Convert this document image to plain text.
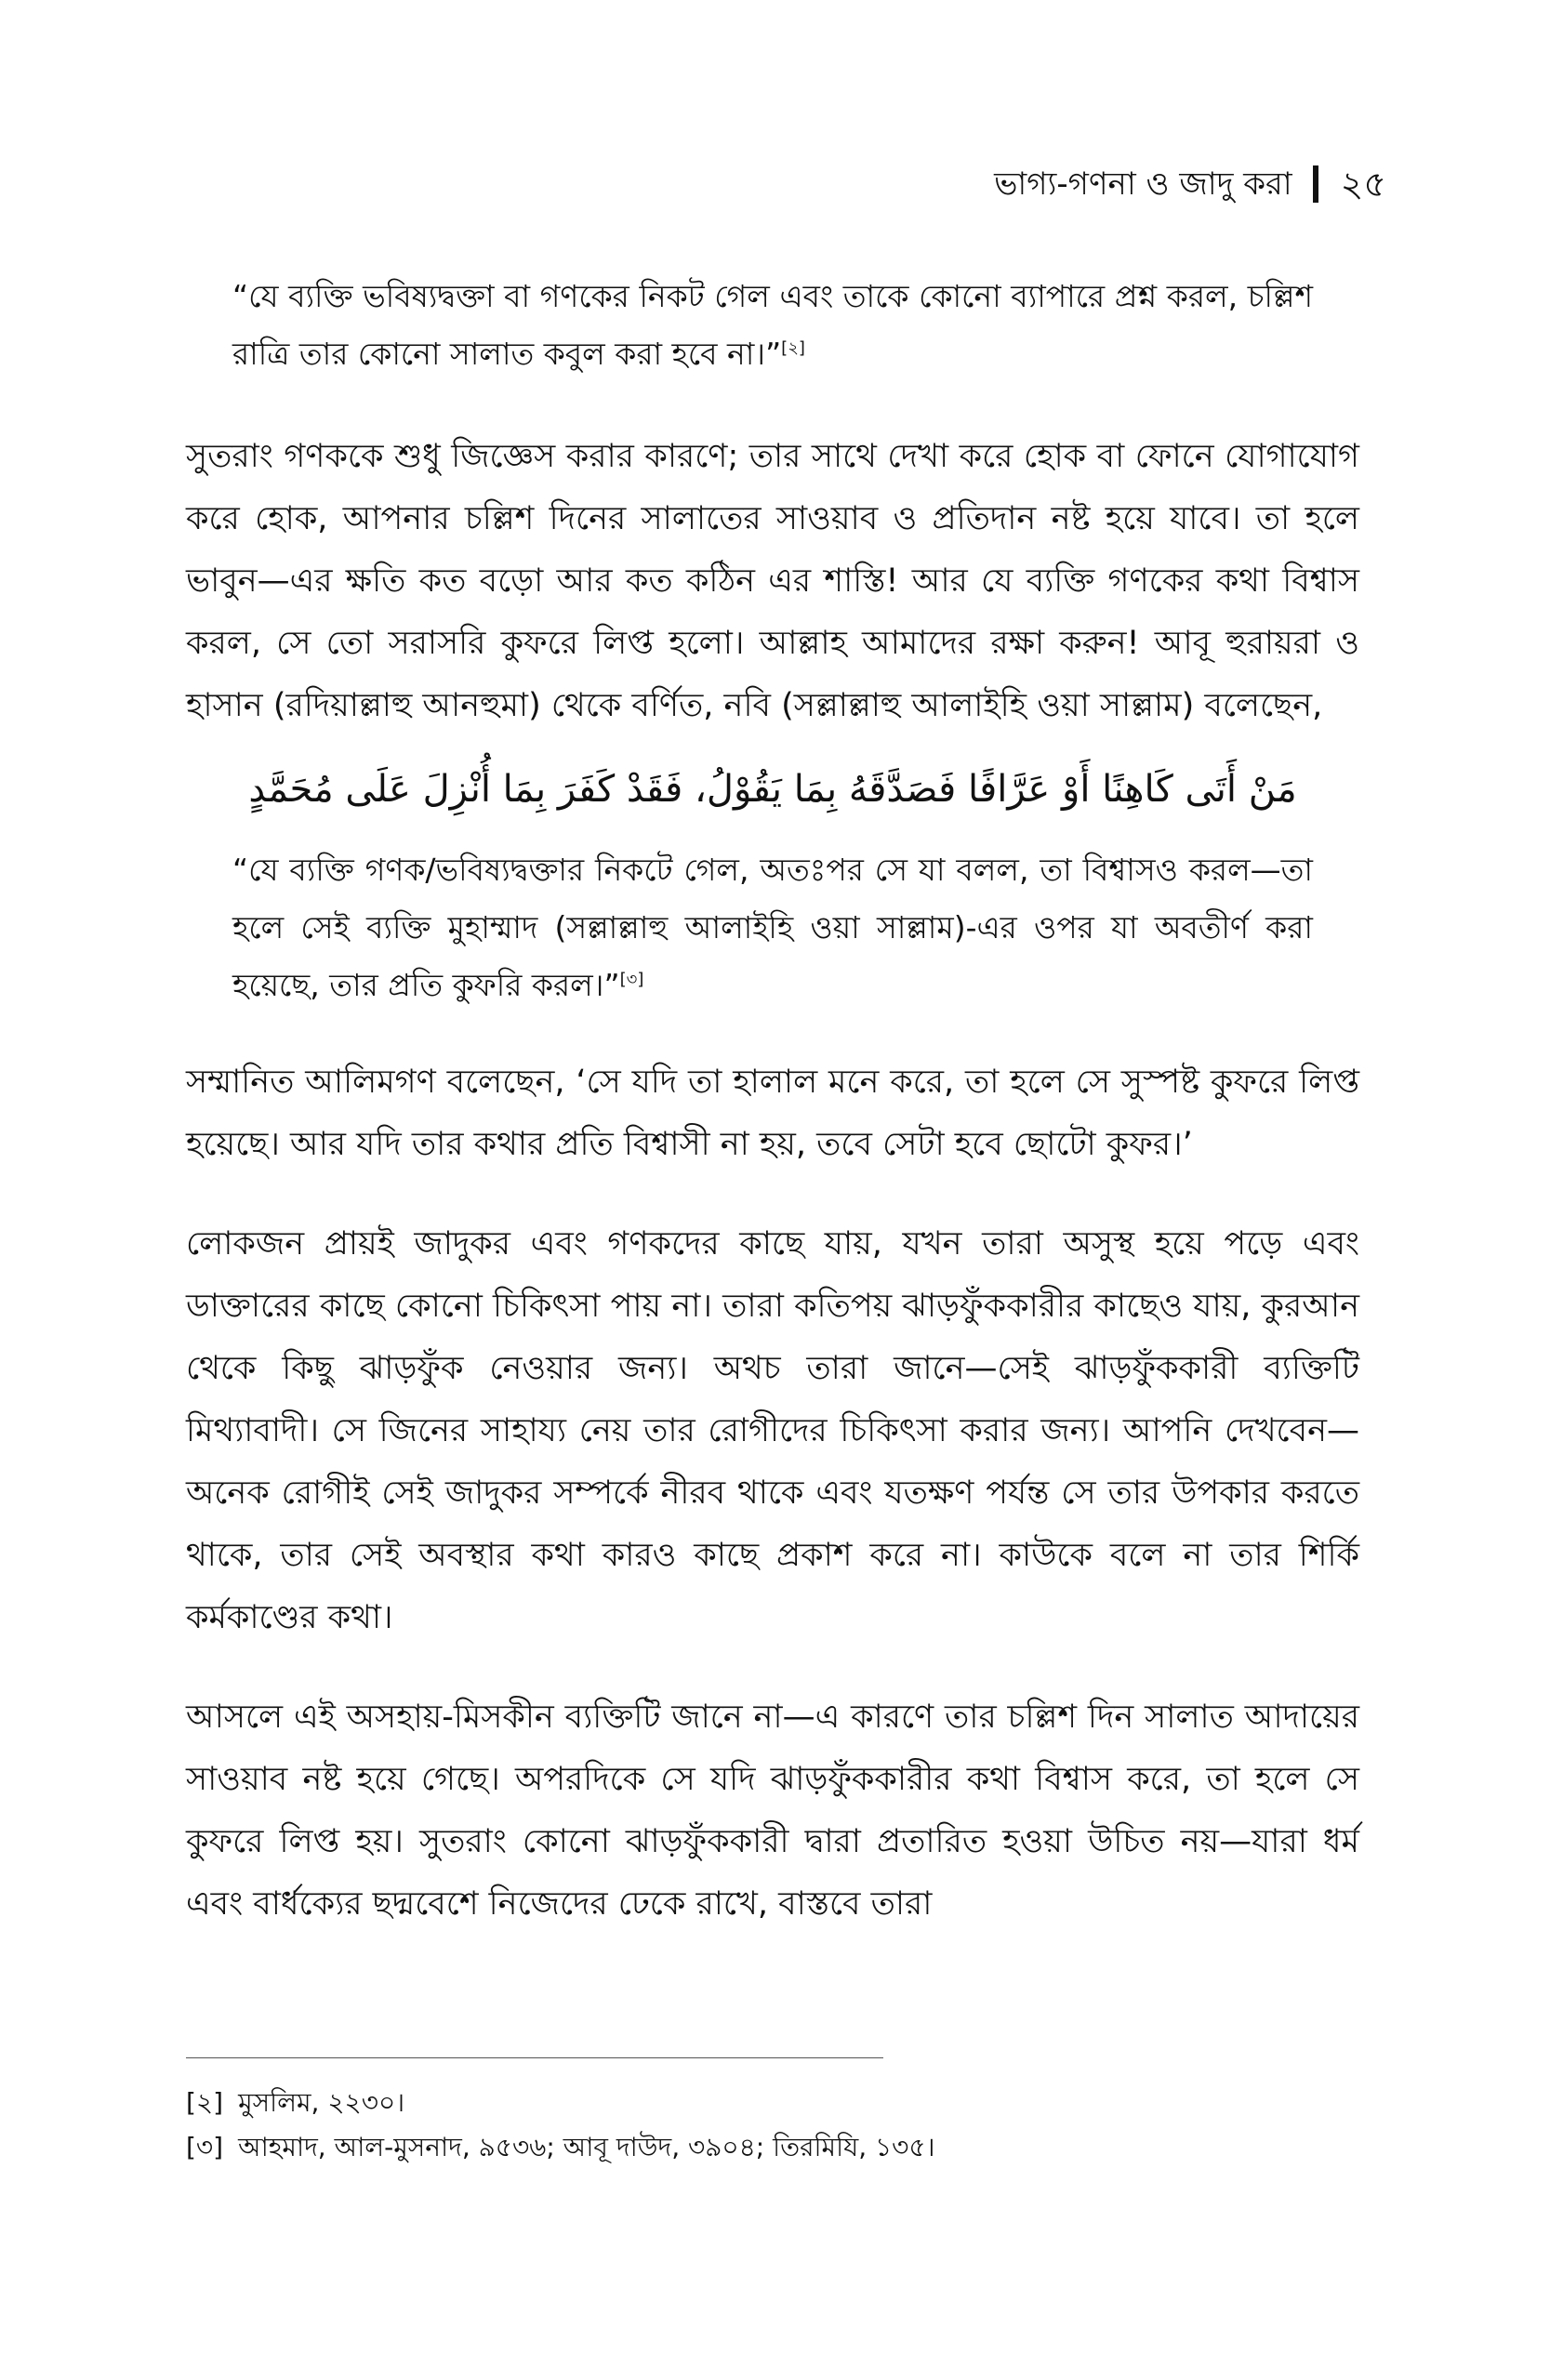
ভাগ্য-গণনা ও জাদু করা ২৫

“যে ব্যক্তি ভবিষ্যদ্বক্তা বা গণকের নিকট গেল এবং তাকে কোনো ব্যাপারে প্রশ্ন করল, চল্লিশ রাত্রি তার কোনো সালাত কবুল করা হবে না।”[২]

সুতরাং গণককে শুধু জিজ্ঞেস করার কারণে; তার সাথে দেখা করে হোক বা ফোনে যোগাযোগ করে হোক, আপনার চল্লিশ দিনের সালাতের সাওয়াব ও প্রতিদান নষ্ট হয়ে যাবে। তা হলে ভাবুন—এর ক্ষতি কত বড়ো আর কত কঠিন এর শাস্তি! আর যে ব্যক্তি গণকের কথা বিশ্বাস করল, সে তো সরাসরি কুফরে লিপ্ত হলো। আল্লাহ আমাদের রক্ষা করুন! আবূ হুরায়রা ও হাসান (রদিয়াল্লাহু আনহুমা) থেকে বর্ণিত, নবি (সল্লাল্লাহু আলাইহি ওয়া সাল্লাম) বলেছেন,

مَنْ أَتَى كَاهِنًا أَوْ عَرَّافًا فَصَدَّقَهُ بِمَا يَقُوْلُ، فَقَدْ كَفَرَ بِمَا أُنْزِلَ عَلَى مُحَمَّدٍ

“যে ব্যক্তি গণক/ভবিষ্যদ্বক্তার নিকটে গেল, অতঃপর সে যা বলল, তা বিশ্বাসও করল—তা হলে সেই ব্যক্তি মুহাম্মাদ (সল্লাল্লাহু আলাইহি ওয়া সাল্লাম)-এর ওপর যা অবতীর্ণ করা হয়েছে, তার প্রতি কুফরি করল।”[৩]

সম্মানিত আলিমগণ বলেছেন, ‘সে যদি তা হালাল মনে করে, তা হলে সে সুস্পষ্ট কুফরে লিপ্ত হয়েছে। আর যদি তার কথার প্রতি বিশ্বাসী না হয়, তবে সেটা হবে ছোটো কুফর।’

লোকজন প্রায়ই জাদুকর এবং গণকদের কাছে যায়, যখন তারা অসুস্থ হয়ে পড়ে এবং ডাক্তারের কাছে কোনো চিকিৎসা পায় না। তারা কতিপয় ঝাড়ফুঁককারীর কাছেও যায়, কুরআন থেকে কিছু ঝাড়ফুঁক নেওয়ার জন্য। অথচ তারা জানে—সেই ঝাড়ফুঁককারী ব্যক্তিটি মিথ্যাবাদী। সে জিনের সাহায্য নেয় তার রোগীদের চিকিৎসা করার জন্য। আপনি দেখবেন—অনেক রোগীই সেই জাদুকর সম্পর্কে নীরব থাকে এবং যতক্ষণ পর্যন্ত সে তার উপকার করতে থাকে, তার সেই অবস্থার কথা কারও কাছে প্রকাশ করে না। কাউকে বলে না তার শির্কি কর্মকাণ্ডের কথা।

আসলে এই অসহায়-মিসকীন ব্যক্তিটি জানে না—এ কারণে তার চল্লিশ দিন সালাত আদায়ের সাওয়াব নষ্ট হয়ে গেছে। অপরদিকে সে যদি ঝাড়ফুঁককারীর কথা বিশ্বাস করে, তা হলে সে কুফরে লিপ্ত হয়। সুতরাং কোনো ঝাড়ফুঁককারী দ্বারা প্রতারিত হওয়া উচিত নয়—যারা ধর্ম এবং বার্ধক্যের ছদ্মবেশে নিজেদের ঢেকে রাখে, বাস্তবে তারা

[২] মুসলিম, ২২৩০।
[৩] আহমাদ, আল-মুসনাদ, ৯৫৩৬; আবূ দাউদ, ৩৯০৪; তিরমিযি, ১৩৫।
